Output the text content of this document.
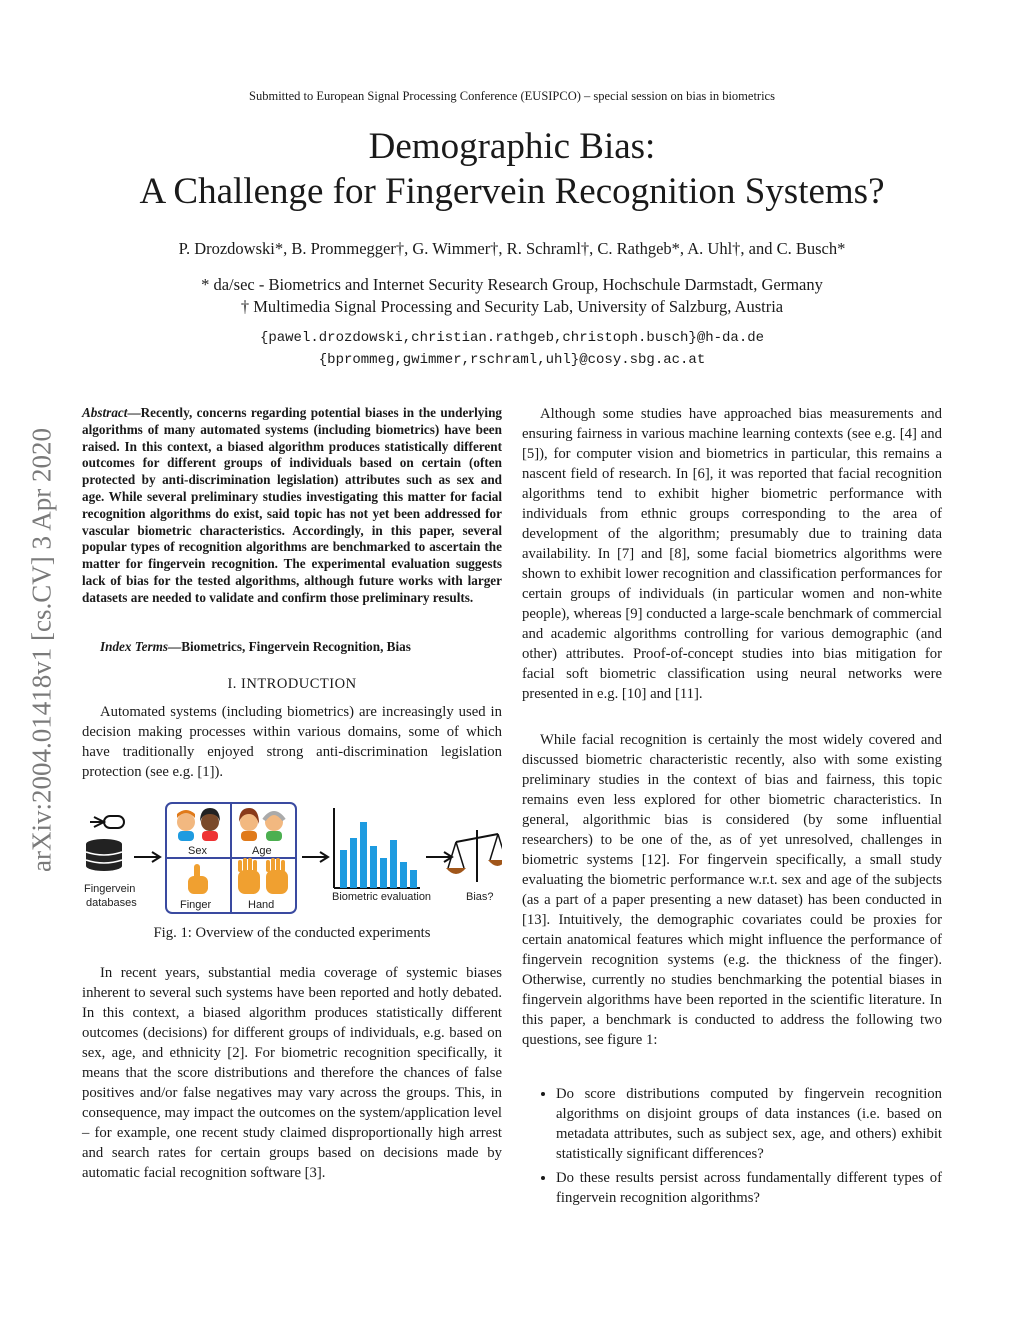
Submitted to European Signal Processing Conference (EUSIPCO) – special session on bias in biometrics
Demographic Bias:
A Challenge for Fingervein Recognition Systems?
P. Drozdowski*, B. Prommegger†, G. Wimmer†, R. Schraml†, C. Rathgeb*, A. Uhl†, and C. Busch*
* da/sec - Biometrics and Internet Security Research Group, Hochschule Darmstadt, Germany
† Multimedia Signal Processing and Security Lab, University of Salzburg, Austria
{pawel.drozdowski,christian.rathgeb,christoph.busch}@h-da.de
{bprommeg,gwimmer,rschraml,uhl}@cosy.sbg.ac.at
arXiv:2004.01418v1 [cs.CV] 3 Apr 2020

Abstract—Recently, concerns regarding potential biases in the underlying algorithms of many automated systems (including biometrics) have been raised. In this context, a biased algorithm produces statistically different outcomes for different groups of individuals based on certain (often protected by anti-discrimination legislation) attributes such as sex and age. While several preliminary studies investigating this matter for facial recognition algorithms do exist, said topic has not yet been addressed for vascular biometric characteristics. Accordingly, in this paper, several popular types of recognition algorithms are benchmarked to ascertain the matter for fingervein recognition. The experimental evaluation suggests lack of bias for the tested algorithms, although future works with larger datasets are needed to validate and confirm those preliminary results.

Index Terms—Biometrics, Fingervein Recognition, Bias

I. INTRODUCTION

Automated systems (including biometrics) are increasingly used in decision making processes within various domains, some of which have traditionally enjoyed strong anti-discrimination legislation protection (see e.g. [1]).

Fingervein
databases
Sex	Age
Finger	Hand
Biometric evaluation	Bias?
Fig. 1: Overview of the conducted experiments

In recent years, substantial media coverage of systemic biases inherent to several such systems have been reported and hotly debated. In this context, a biased algorithm produces statistically different outcomes (decisions) for different groups of individuals, e.g. based on sex, age, and ethnicity [2]. For biometric recognition specifically, it means that the score distributions and therefore the chances of false positives and/or false negatives may vary across the groups. This, in consequence, may impact the outcomes on the system/application level – for example, one recent study claimed disproportionally high arrest and search rates for certain groups based on decisions made by automatic facial recognition software [3].

Although some studies have approached bias measurements and ensuring fairness in various machine learning contexts (see e.g. [4] and [5]), for computer vision and biometrics in particular, this remains a nascent field of research. In [6], it was reported that facial recognition algorithms tend to exhibit higher biometric performance with individuals from ethnic groups corresponding to the area of development of the algorithm; presumably due to training data availability. In [7] and [8], some facial biometrics algorithms were shown to exhibit lower recognition and classification performances for certain groups of individuals (in particular women and non-white people), whereas [9] conducted a large-scale benchmark of commercial and academic algorithms controlling for various demographic (and other) attributes. Proof-of-concept studies into bias mitigation for facial soft biometric classification using neural networks were presented in e.g. [10] and [11].

While facial recognition is certainly the most widely covered and discussed biometric characteristic recently, also with some existing preliminary studies in the context of bias and fairness, this topic remains even less explored for other biometric characteristics. In general, algorithmic bias is considered (by some influential researchers) to be one of the, as of yet unresolved, challenges in biometric systems [12]. For fingervein specifically, a small study evaluating the biometric performance w.r.t. sex and age of the subjects (as a part of a paper presenting a new dataset) has been conducted in [13]. Intuitively, the demographic covariates could be proxies for certain anatomical features which might influence the performance of fingervein recognition systems (e.g. the thickness of the finger). Otherwise, currently no studies benchmarking the potential biases in fingervein algorithms have been reported in the scientific literature. In this paper, a benchmark is conducted to address the following two questions, see figure 1:

• Do score distributions computed by fingervein recognition algorithms on disjoint groups of data instances (i.e. based on metadata attributes, such as subject sex, age, and others) exhibit statistically significant differences?
• Do these results persist across fundamentally different types of fingervein recognition algorithms?
